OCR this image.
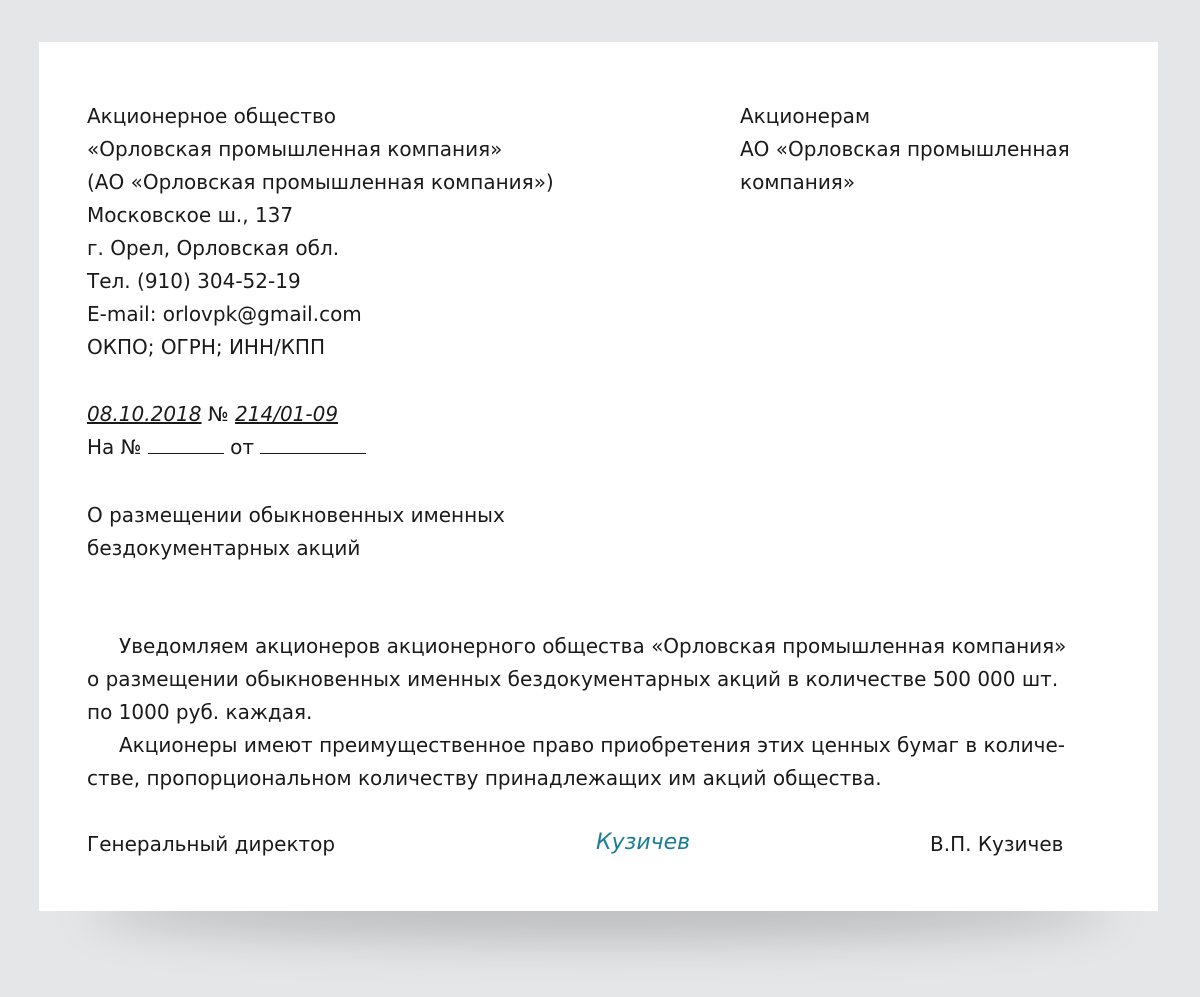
Акционерное общество
«Орловская промышленная компания»
(АО «Орловская промышленная компания»)
Московское ш., 137
г. Орел, Орловская обл.
Тел. (910) 304-52-19
E-mail: orlovpk@gmail.com
ОКПО; ОГРН; ИНН/КПП
Акционерам
АО «Орловская промышленная
компания»
08.10.2018 № 214/01-09
На №	от
О размещении обыкновенных именных
бездокументарных акций
Уведомляем акционеров акционерного общества «Орловская промышленная компания»
о размещении обыкновенных именных бездокументарных акций в количестве 500 000 шт.
по 1000 руб. каждая.
Акционеры имеют преимущественное право приобретения этих ценных бумаг в количе-
стве, пропорциональном количеству принадлежащих им акций общества.
Генеральный директор	Кузичев	В.П. Кузичев
